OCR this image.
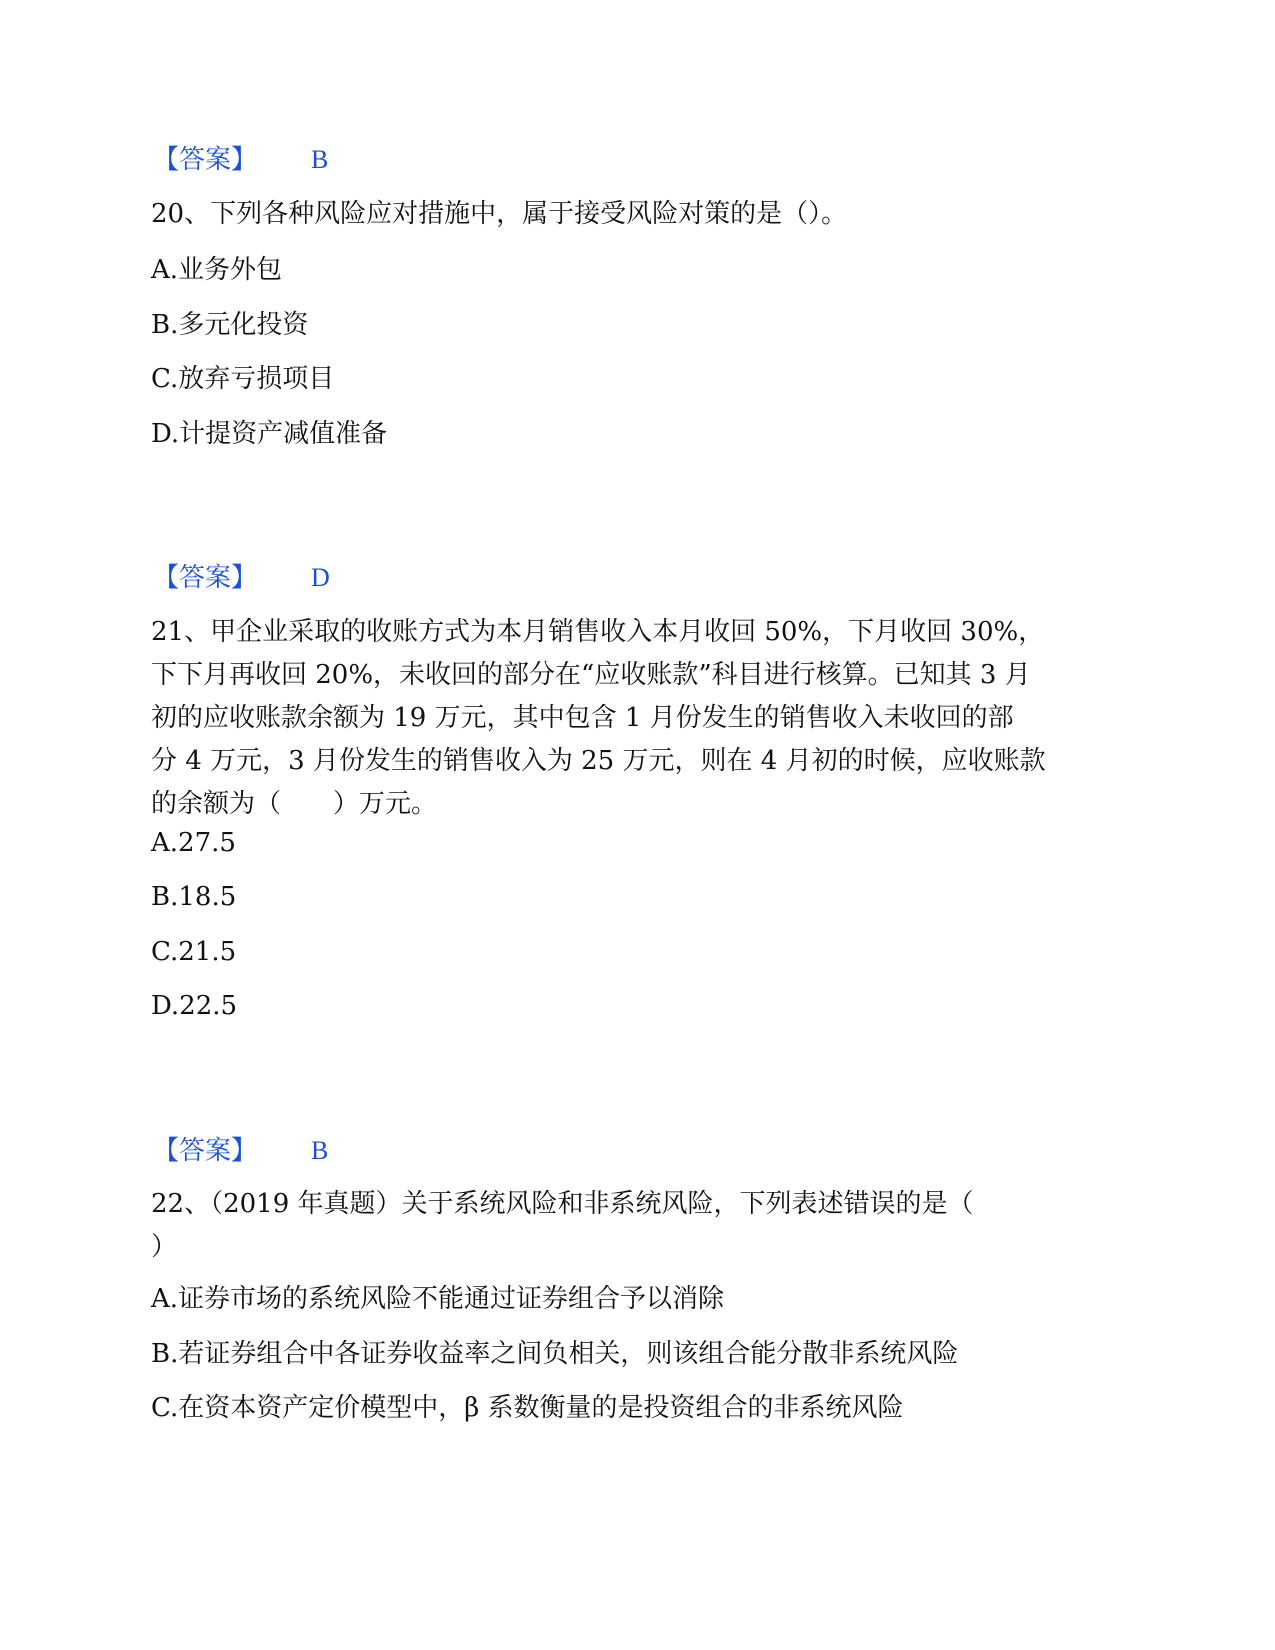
【答案】 B
20、下列各种风险应对措施中，属于接受风险对策的是（）。
A.业务外包
B.多元化投资
C.放弃亏损项目
D.计提资产减值准备
【答案】 D
21、甲企业采取的收账方式为本月销售收入本月收回 50%，下月收回 30%，
下下月再收回 20%，未收回的部分在“应收账款”科目进行核算。已知其 3 月
初的应收账款余额为 19 万元，其中包含 1 月份发生的销售收入未收回的部
分 4 万元，3 月份发生的销售收入为 25 万元，则在 4 月初的时候，应收账款
的余额为（　　）万元。
A.27.5
B.18.5
C.21.5
D.22.5
【答案】 B
22、（2019 年真题）关于系统风险和非系统风险，下列表述错误的是（
）
A.证券市场的系统风险不能通过证券组合予以消除
B.若证券组合中各证券收益率之间负相关，则该组合能分散非系统风险
C.在资本资产定价模型中，β 系数衡量的是投资组合的非系统风险
